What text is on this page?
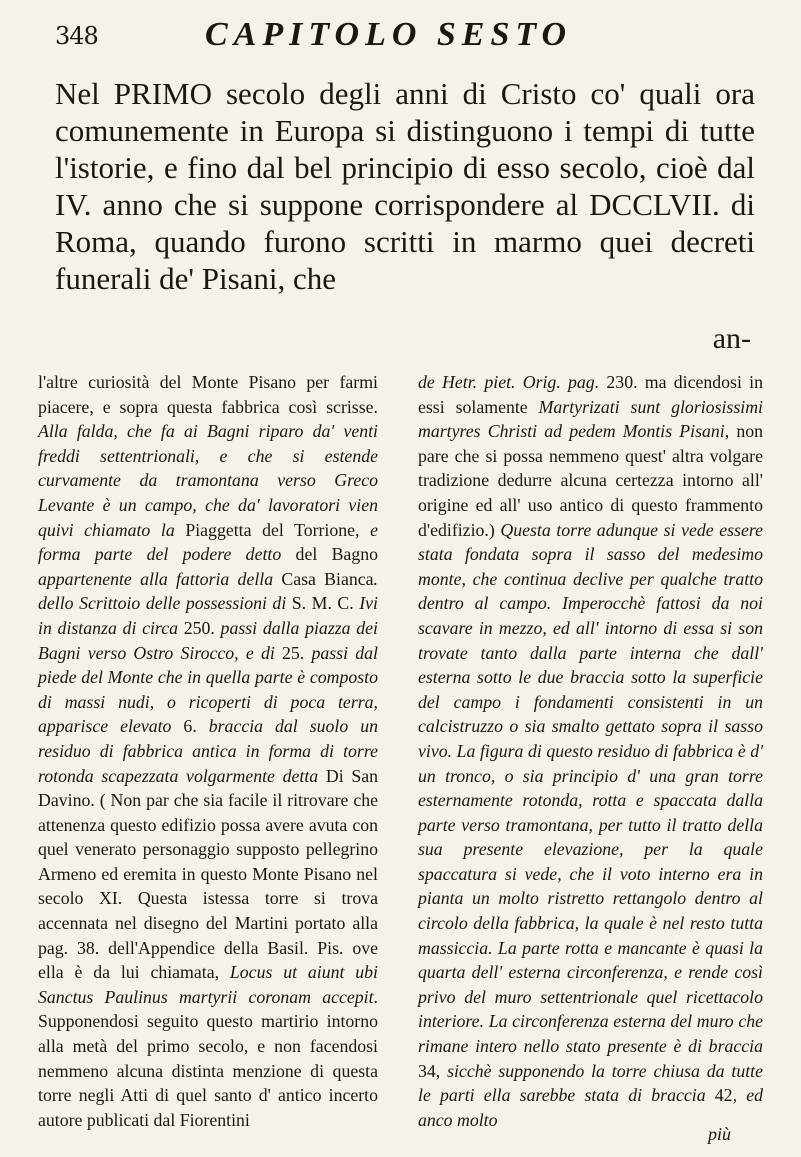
348	CAPITOLO SESTO
Nel PRIMO secolo degli anni di Cristo co' quali ora comunemente in Europa si distinguono i tempi di tutte l'istorie, e fino dal bel principio di esso secolo, cioè dal IV. anno che si suppone corrispondere al DCCLVII. di Roma, quando furono scritti in marmo quei decreti funerali de' Pisani, che
an-
l'altre curiosità del Monte Pisano per farmi piacere, e sopra questa fabbrica così scrisse. Alla falda, che fa ai Bagni riparo da' venti freddi settentrionali, e che si estende curvamente da tramontana verso Greco Levante è un campo, che da' lavoratori vien quivi chiamato la Piaggetta del Torrione, e forma parte del podere detto del Bagno appartenente alla fattoria della Casa Bianca. dello Scrittoio delle possessioni di S. M. C. Ivi in distanza di circa 250. passi dalla piazza dei Bagni verso Ostro Sirocco, e di 25. passi dal piede del Monte che in quella parte è composto di massi nudi, o ricoperti di poca terra, apparisce elevato 6. braccia dal suolo un residuo di fabbrica antica in forma di torre rotonda scapezzata volgarmente detta Di San Davino. ( Non par che sia facile il ritrovare che attenenza questo edifizio possa avere avuta con quel venerato personaggio supposto pellegrino Armeno ed eremita in questo Monte Pisano nel secolo XI. Questa istessa torre si trova accennata nel disegno del Martini portato alla pag. 38. dell'Appendice della Basil. Pis. ove ella è da lui chiamata, Locus ut aiunt ubi Sanctus Paulinus martyrii coronam accepit. Supponendosi seguito questo martirio intorno alla metà del primo secolo, e non facendosi nemmeno alcuna distinta menzione di questa torre negli Atti di quel santo d' antico incerto autore publicati dal Fiorentini
de Hetr. piet. Orig. pag. 230. ma dicendosi in essi solamente Martyrizati sunt gloriosissimi martyres Christi ad pedem Montis Pisani, non pare che si possa nemmeno quest' altra volgare tradizione dedurre alcuna certezza intorno all' origine ed all' uso antico di questo frammento d'edifizio.) Questa torre adunque si vede essere stata fondata sopra il sasso del medesimo monte, che continua declive per qualche tratto dentro al campo. Imperocchè fattosi da noi scavare in mezzo, ed all' intorno di essa si son trovate tanto dalla parte interna che dall' esterna sotto le due braccia sotto la superficie del campo i fondamenti consistenti in un calcistruzzo o sia smalto gettato sopra il sasso vivo. La figura di questo residuo di fabbrica è d' un tronco, o sia principio d' una gran torre esternamente rotonda, rotta e spaccata dalla parte verso tramontana, per tutto il tratto della sua presente elevazione, per la quale spaccatura si vede, che il voto interno era in pianta un molto ristretto rettangolo dentro al circolo della fabbrica, la quale è nel resto tutta massiccia. La parte rotta e mancante è quasi la quarta dell' esterna circonferenza, e rende così privo del muro settentrionale quel ricettacolo interiore. La circonferenza esterna del muro che rimane intero nello stato presente è di braccia 34, sicchè supponendo la torre chiusa da tutte le parti ella sarebbe stata di braccia 42, ed anco molto
più
